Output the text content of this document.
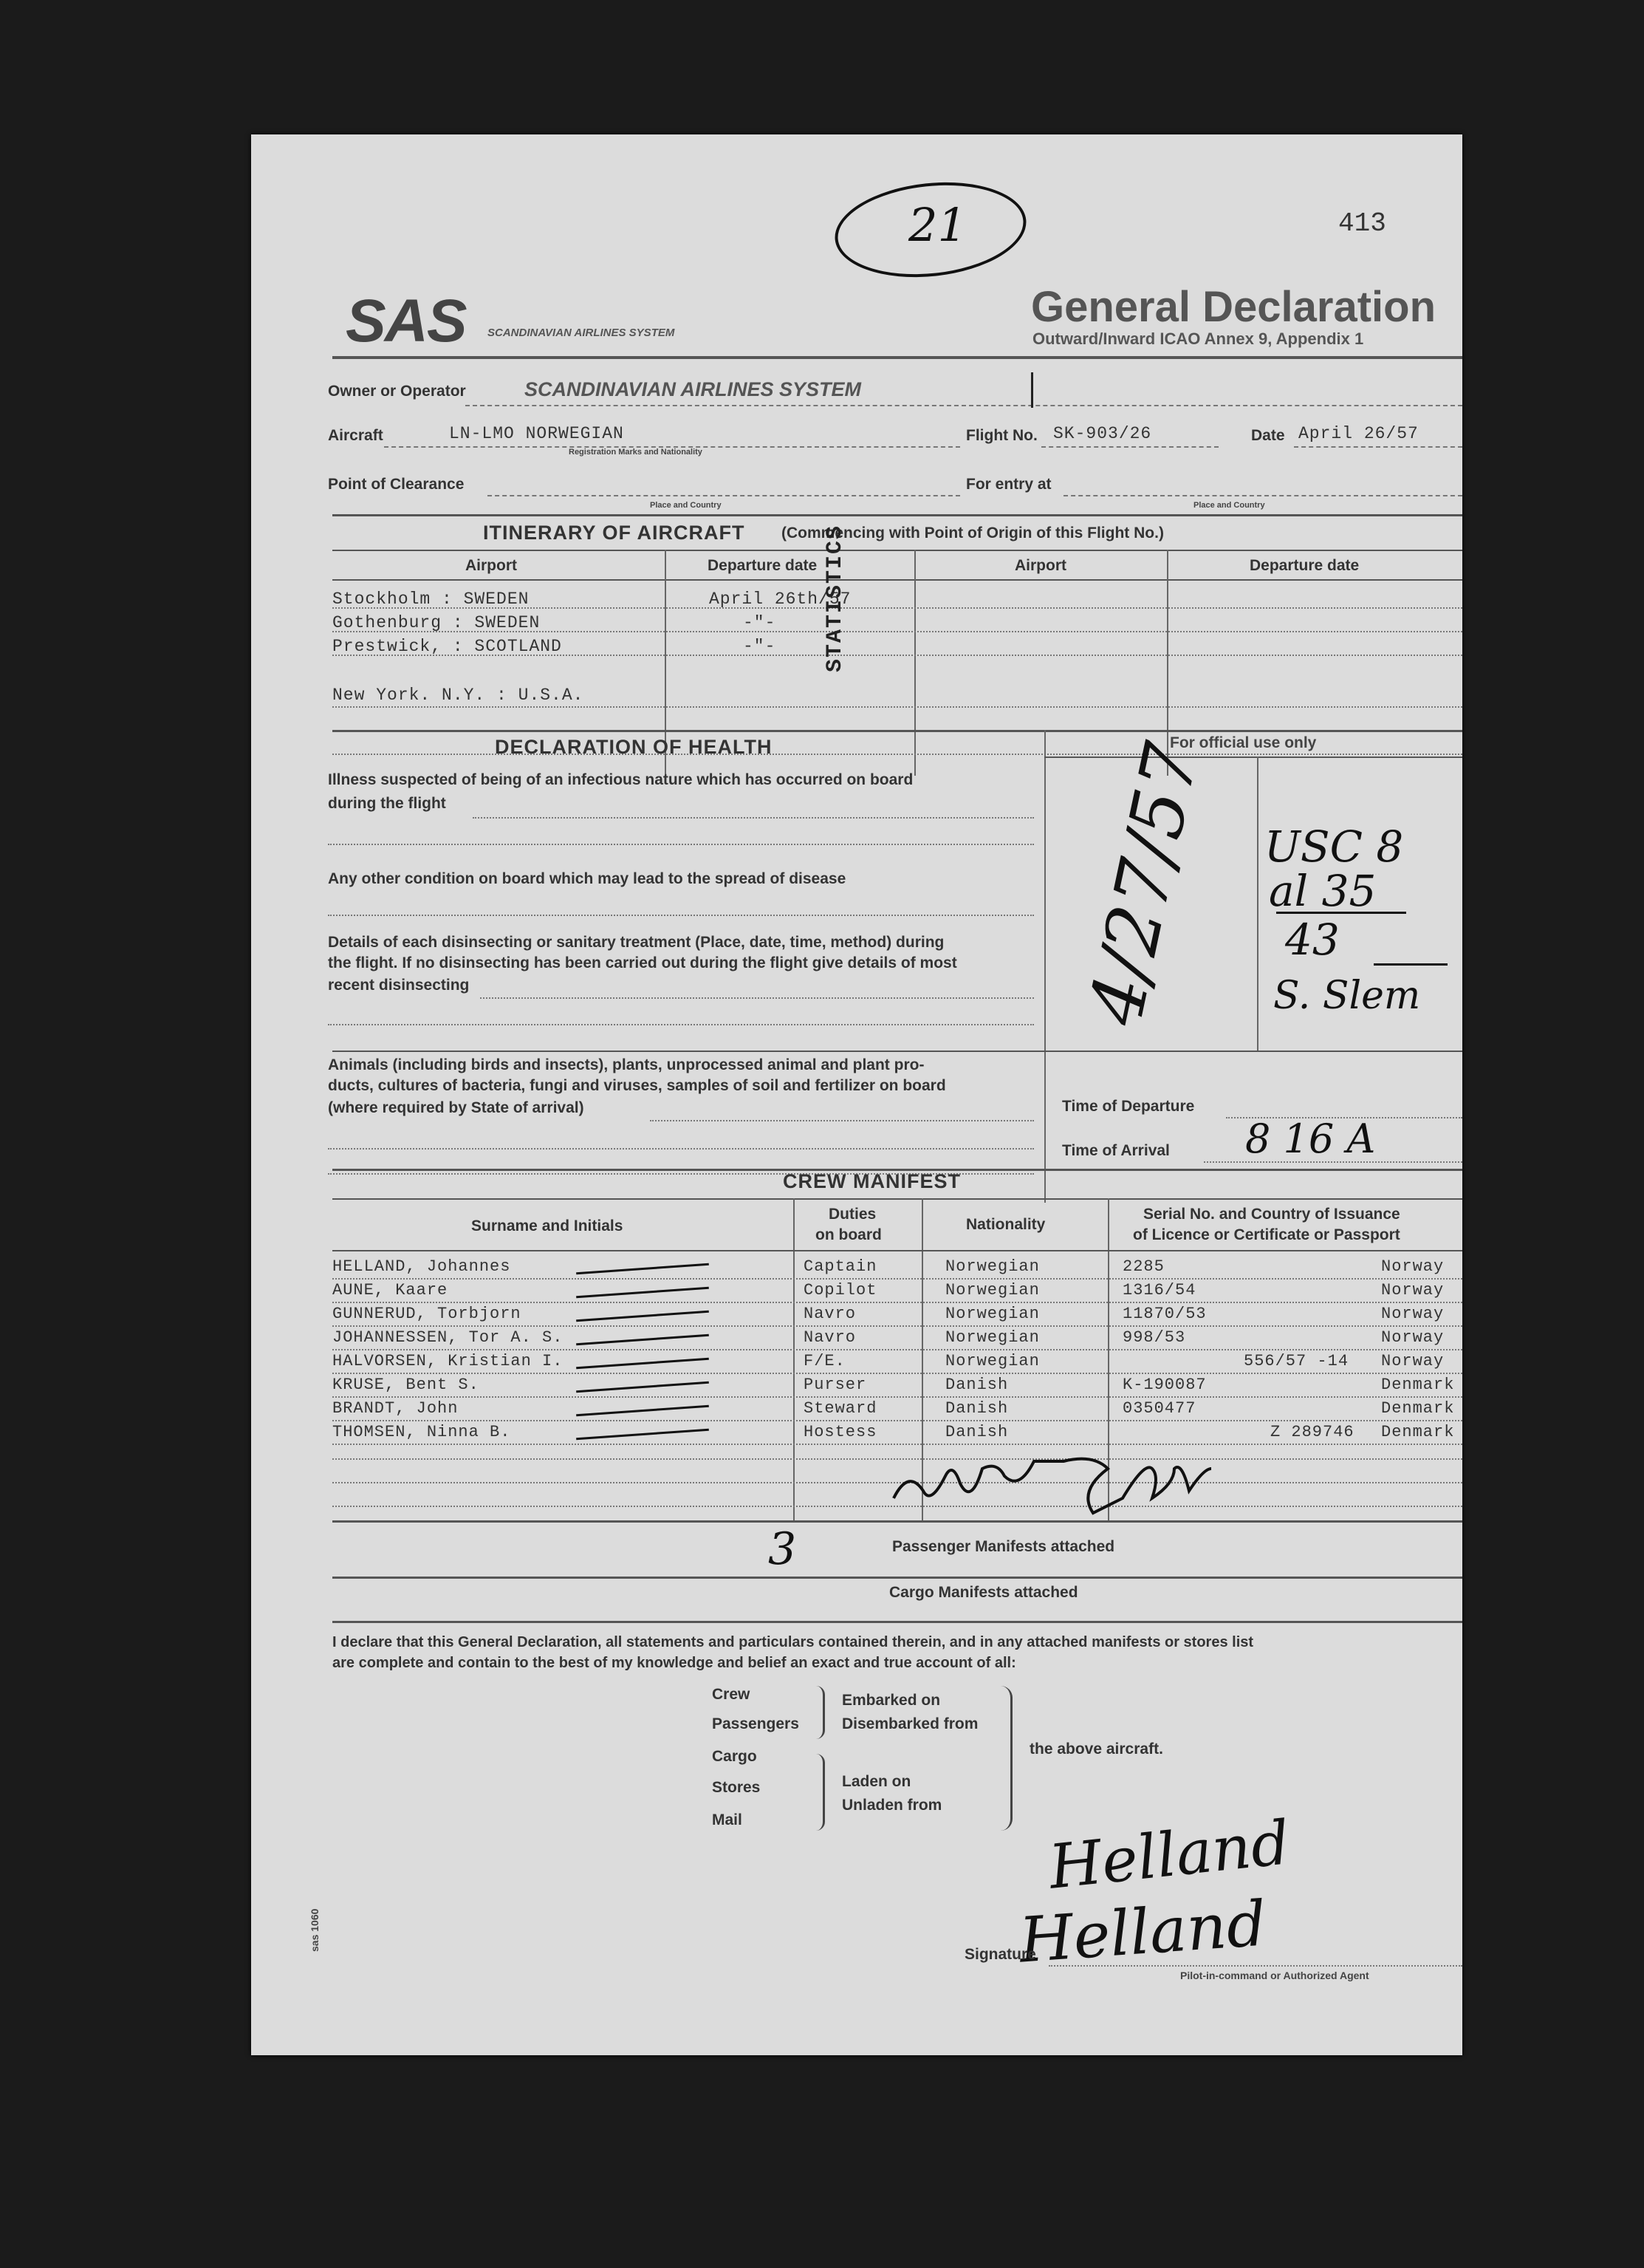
413
21
SAS SCANDINAVIAN AIRLINES SYSTEM
General Declaration
Outward/Inward ICAO Annex 9, Appendix 1
Owner or Operator	SCANDINAVIAN AIRLINES SYSTEM
Aircraft	LN-LMO NORWEGIAN
Registration Marks and Nationality
Flight No. SK-903/26	Date April 26/57
Point of Clearance
Place and Country
For entry at
Place and Country
ITINERARY OF AIRCRAFT (Commencing with Point of Origin of this Flight No.)
Airport	Departure date	Airport	Departure date
Stockholm : SWEDEN	April 26th/57
Gothenburg : SWEDEN	-"-
Prestwick, : SCOTLAND	-"-
New York. N.Y. : U.S.A.
STATISTICS
DECLARATION OF HEALTH
Illness suspected of being of an infectious nature which has occurred on board
during the flight
Any other condition on board which may lead to the spread of disease
Details of each disinsecting or sanitary treatment (Place, date, time, method) during
the flight. If no disinsecting has been carried out during the flight give details of most
recent disinsecting
Animals (including birds and insects), plants, unprocessed animal and plant pro-
ducts, cultures of bacteria, fungi and viruses, samples of soil and fertilizer on board
(where required by State of arrival)
For official use only
4/27/57 USC 8
al 35
43
S. Slem
Time of Departure
Time of Arrival 8 16 A
CREW MANIFEST
Surname and Initials
Duties
on board
Nationality
Serial No. and Country of Issuance
of Licence or Certificate or Passport
HELLAND, Johannes	Captain	Norwegian	2285	Norway
AUNE, Kaare	Copilot	Norwegian	1316/54	Norway
GUNNERUD, Torbjorn	Navro	Norwegian	11870/53	Norway
JOHANNESSEN, Tor A. S.	Navro	Norwegian	998/53	Norway
HALVORSEN, Kristian I.	F/E.	Norwegian	556/57 -14 Norway
KRUSE, Bent S.	Purser	Danish	K-190087	Denmark
BRANDT, John	Steward	Danish	0350477	Denmark
THOMSEN, Ninna B.	Hostess	Danish	Z 289746 Denmark
3	Passenger Manifests attached
Cargo Manifests attached
I declare that this General Declaration, all statements and particulars contained therein, and in any attached manifests or stores list
are complete and contain to the best of my knowledge and belief an exact and true account of all:
Crew
Passengers
Cargo
Stores
Mail
Embarked on
Disembarked from
Laden on
Unladen from
the above aircraft.
Helland
Helland
Signature
Pilot-in-command or Authorized Agent
sas 1060
